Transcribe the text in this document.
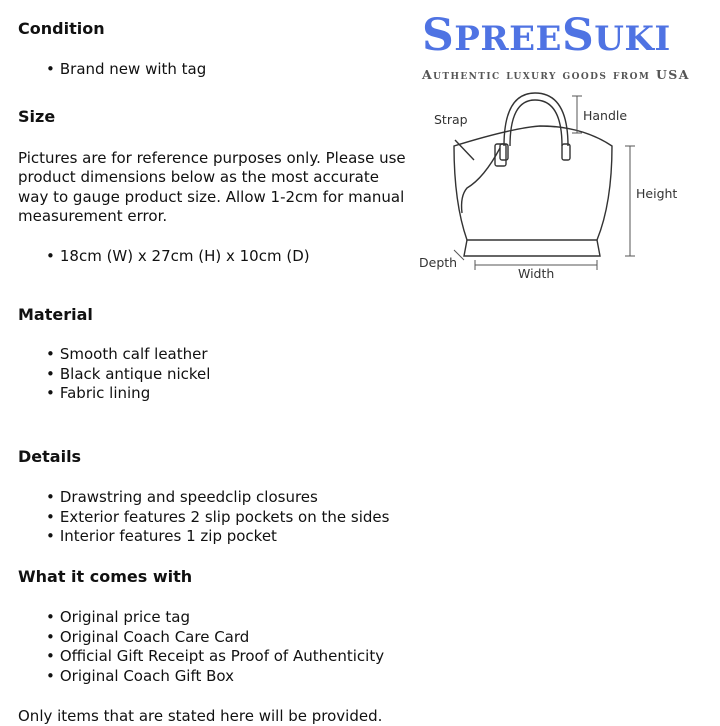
Condition
• Brand new with tag
Size

Pictures are for reference purposes only. Please use product dimensions below as the most accurate way to gauge product size. Allow 1-2cm for manual measurement error.

• 18cm (W) x 27cm (H) x 10cm (D)
Material
• Smooth calf leather
• Black antique nickel
• Fabric lining
Details
• Drawstring and speedclip closures
• Exterior features 2 slip pockets on the sides
• Interior features 1 zip pocket
What it comes with
• Original price tag
• Original Coach Care Card
• Official Gift Receipt as Proof of Authenticity
• Original Coach Gift Box

Only items that are stated here will be provided.

SPREESUKI
Authentic luxury goods from USA
Strap	Handle
Height
Depth
Width
